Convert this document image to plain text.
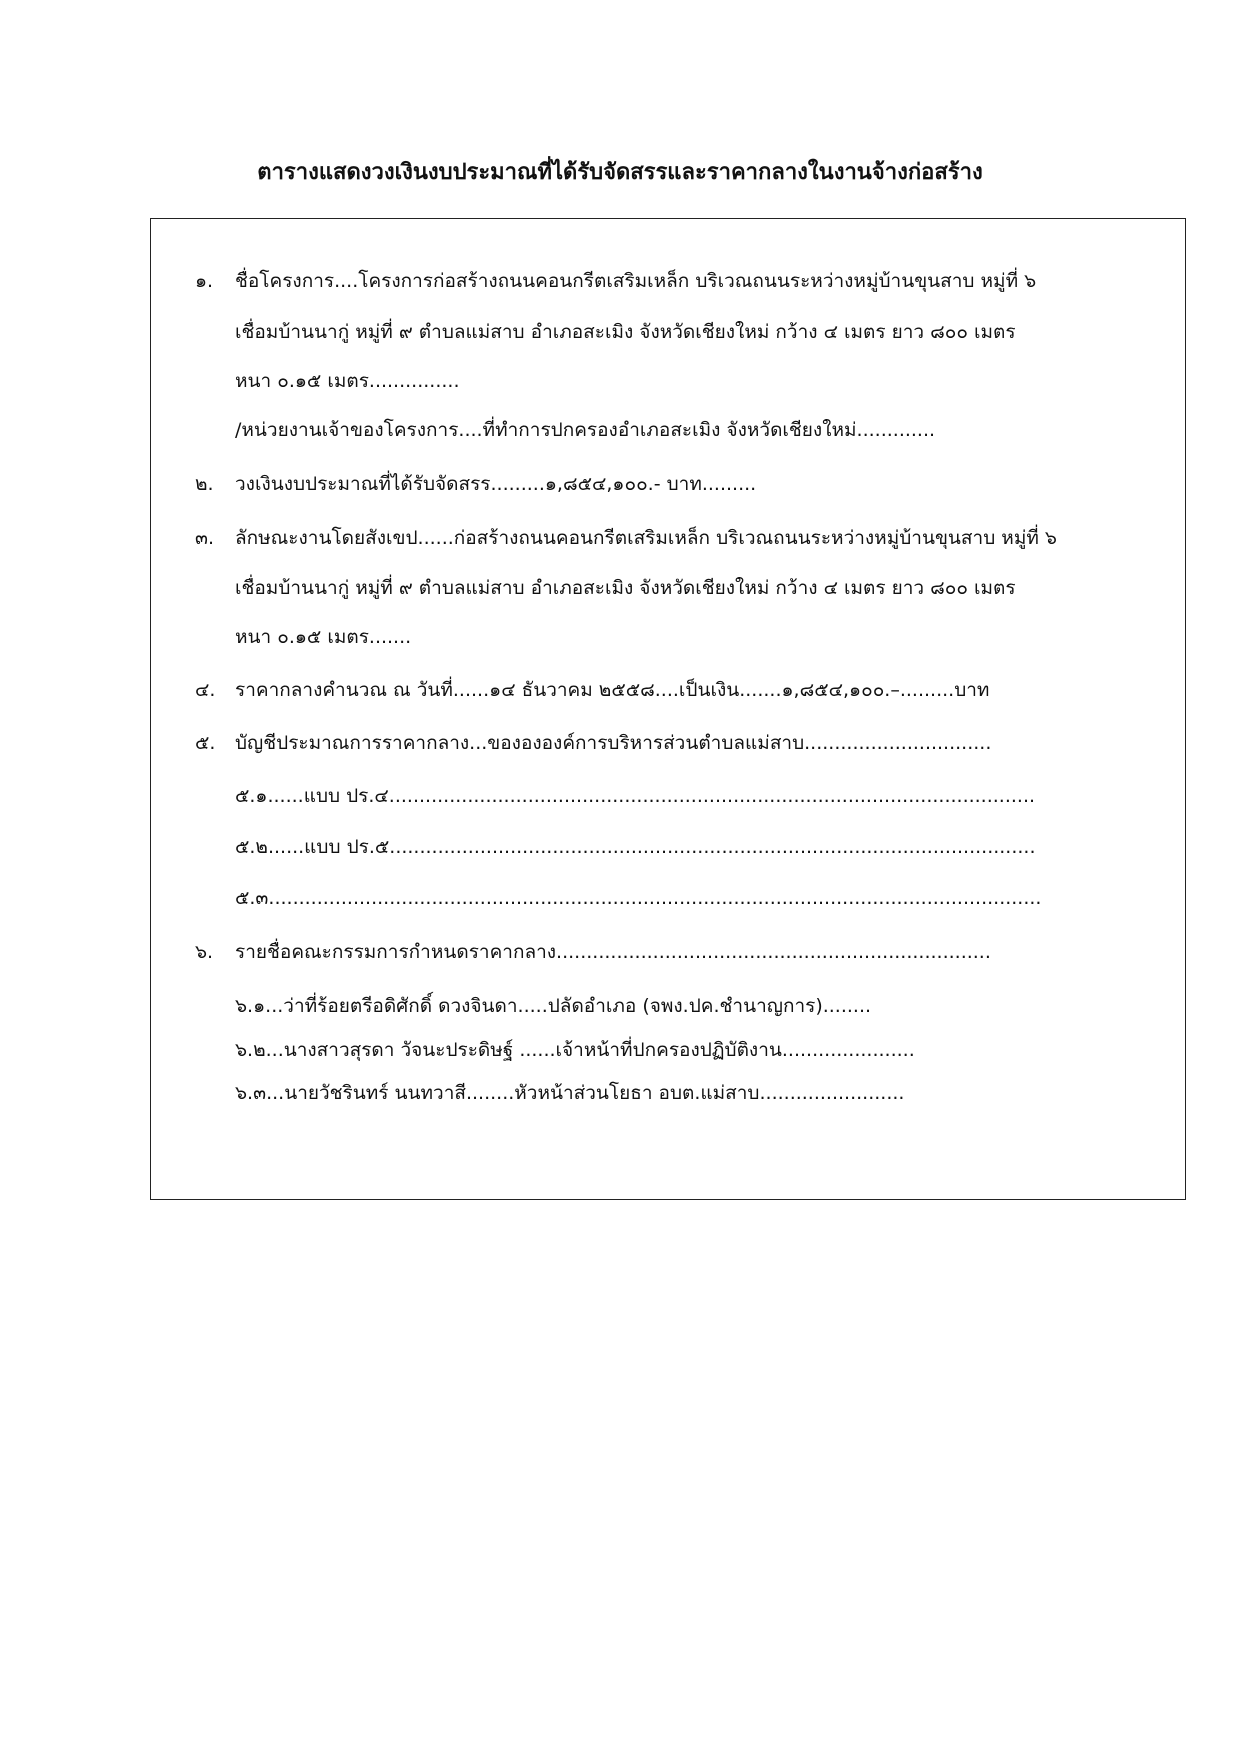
ตารางแสดงวงเงินงบประมาณที่ได้รับจัดสรรและราคากลางในงานจ้างก่อสร้าง
๑. ชื่อโครงการ....โครงการก่อสร้างถนนคอนกรีตเสริมเหล็ก บริเวณถนนระหว่างหมู่บ้านขุนสาบ หมู่ที่ ๖
เชื่อมบ้านนากู่ หมู่ที่ ๙ ตำบลแม่สาบ อำเภอสะเมิง จังหวัดเชียงใหม่ กว้าง ๔ เมตร ยาว ๘๐๐ เมตร
หนา ๐.๑๕ เมตร...............
/หน่วยงานเจ้าของโครงการ....ที่ทำการปกครองอำเภอสะเมิง จังหวัดเชียงใหม่.............
๒. วงเงินงบประมาณที่ได้รับจัดสรร.........๑,๘๕๔,๑๐๐.- บาท.........
๓. ลักษณะงานโดยสังเขป......ก่อสร้างถนนคอนกรีตเสริมเหล็ก บริเวณถนนระหว่างหมู่บ้านขุนสาบ หมู่ที่ ๖
เชื่อมบ้านนากู่ หมู่ที่ ๙ ตำบลแม่สาบ อำเภอสะเมิง จังหวัดเชียงใหม่ กว้าง ๔ เมตร ยาว ๘๐๐ เมตร
หนา ๐.๑๕ เมตร.......
๔. ราคากลางคำนวณ ณ วันที่......๑๔ ธันวาคม ๒๕๕๘....เป็นเงิน.......๑,๘๕๔,๑๐๐.–.........บาท
๕. บัญชีประมาณการราคากลาง...ของององค์การบริหารส่วนตำบลแม่สาบ...............................
๕.๑......แบบ ปร.๔...........................................................................................................
๕.๒......แบบ ปร.๕...........................................................................................................
๕.๓................................................................................................................................
๖. รายชื่อคณะกรรมการกำหนดราคากลาง........................................................................
๖.๑...ว่าที่ร้อยตรีอดิศักดิ์ ดวงจินดา.....ปลัดอำเภอ (จพง.ปค.ชำนาญการ)........
๖.๒...นางสาวสุรดา วัจนะประดิษฐ์ ......เจ้าหน้าที่ปกครองปฏิบัติงาน......................
๖.๓...นายวัชรินทร์ นนทวาสี........หัวหน้าส่วนโยธา อบต.แม่สาบ........................
